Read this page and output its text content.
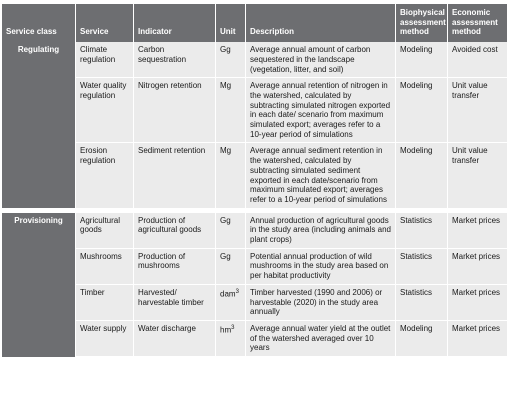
Service class	Service	Indicator	Unit	Description	Biophysical assessment method	Economic assessment method
Regulating	Climate regulation	Carbon sequestration	Gg	Average annual amount of carbon sequestered in the landscape (vegetation, litter, and soil)	Modeling	Avoided cost
	Water quality regulation	Nitrogen retention	Mg	Average annual retention of nitrogen in the watershed, calculated by subtracting simulated nitrogen exported in each date/ scenario from maximum simulated export; averages refer to a 10-year period of simulations	Modeling	Unit value transfer
	Erosion regulation	Sediment retention	Mg	Average annual sediment retention in the watershed, calculated by subtracting simulated sediment exported in each date/scenario from maximum simulated export; averages refer to a 10-year period of simulations	Modeling	Unit value transfer
Provisioning	Agricultural goods	Production of agricultural goods	Gg	Annual production of agricultural goods in the study area (including animals and plant crops)	Statistics	Market prices
	Mushrooms	Production of mushrooms	Gg	Potential annual production of wild mushrooms in the study area based on per habitat productivity	Statistics	Market prices
	Timber	Harvested/ harvestable timber	dam$^3$	Timber harvested (1990 and 2006) or harvestable (2020) in the study area annually	Statistics	Market prices
	Water supply	Water discharge	$hm^3$	Average annual water yield at the outlet of the watershed averaged over 10 years	Modeling	Market prices
